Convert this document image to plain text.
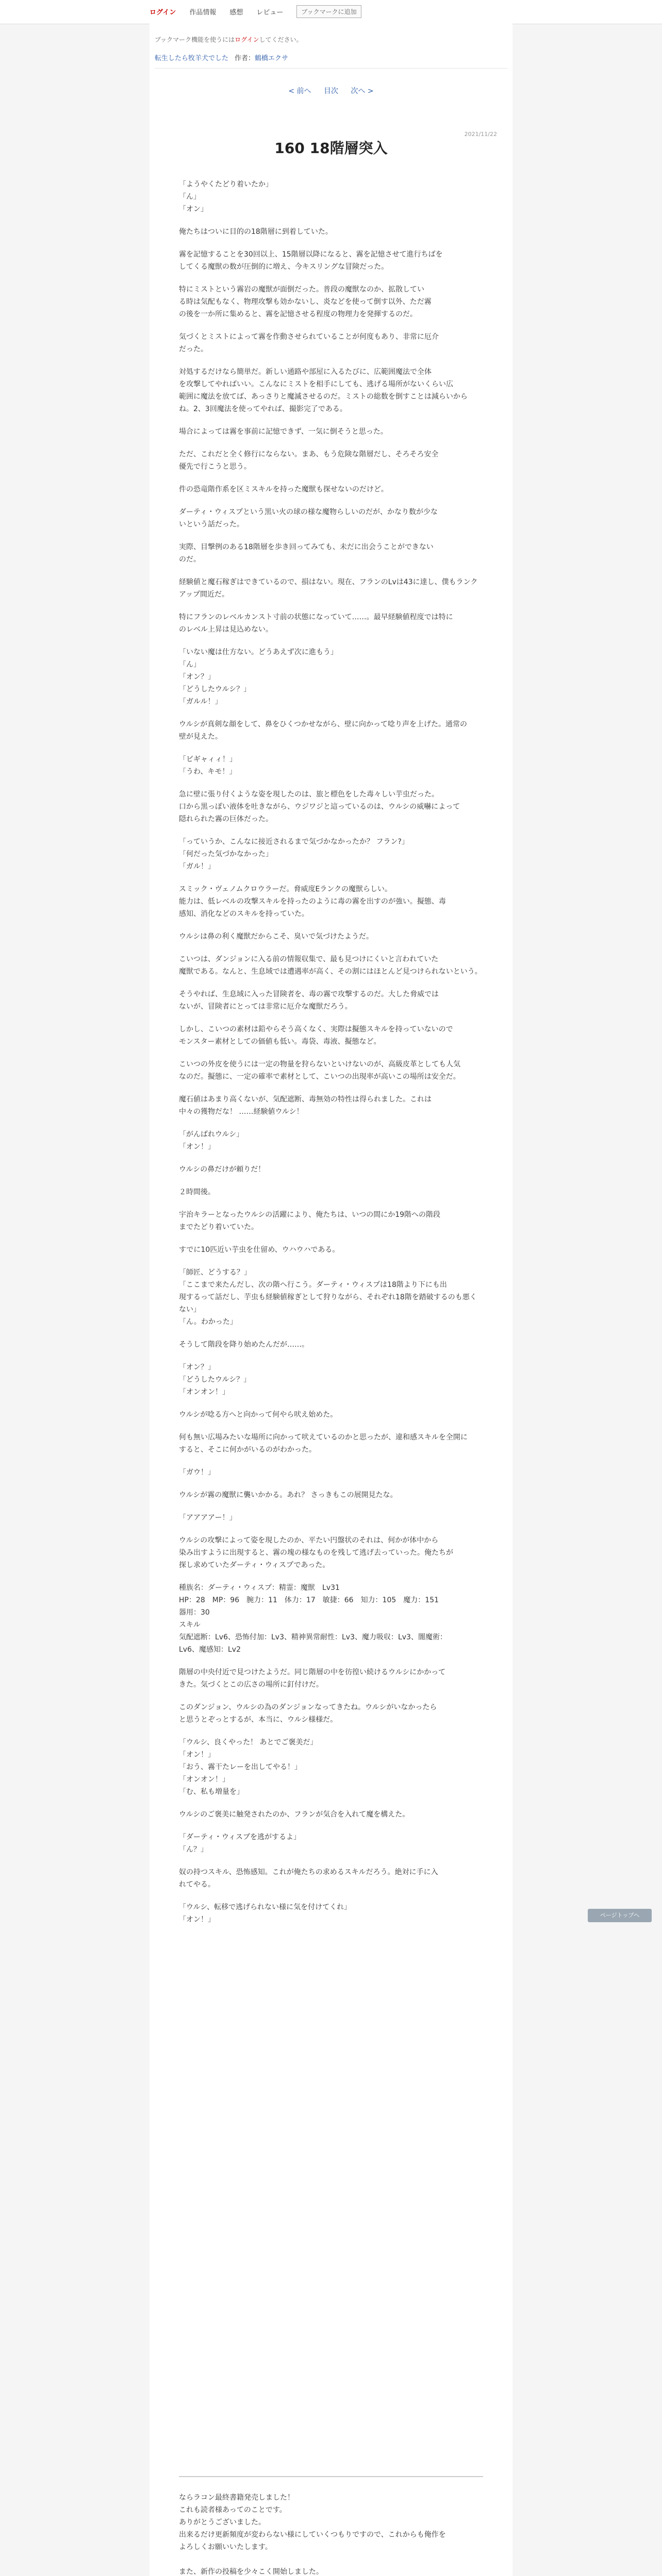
ログイン 作品情報 感想 レビュー	ブックマークに追加
ブックマーク機能を使うにはログインしてください。
転生したら牧羊犬でした 作者：鶴橋エクサ
< 前へ 目次 次へ >
2021/11/22
160 18階層突入

「ようやくたどり着いたか」
「ん」
「オン」

俺たちはついに目的の18階層に到着していた。

霧を記憶することを30回以上、15階層以降になると、霧を記憶させて進行ちばを
してくる魔獣の数が圧倒的に増え、今キスリングな冒険だった。

特にミストという霧岩の魔獣が面倒だった。普段の魔獣なのか、拡散してい
る時は気配もなく、物理攻撃も効かないし、炎などを使って倒す以外、ただ霧
の後を一か所に集めると、霧を記憶させる程度の物理力を発揮するのだ。

気づくとミストによって霧を作動させられていることが何度もあり、非常に厄介
だった。

対処するだけなら簡単だ。新しい通路や部屋に入るたびに、広範囲魔法で全体
を攻撃してやればいい。こんなにミストを相手にしても、逃げる場所がないくらい広
範囲に魔法を放てば、あっさりと魔滅させるのだ。ミストの総数を倒すことは減らいから
ね。2、3回魔法を使ってやれば、撮影完了である。

場合によっては霧を事前に記憶できず、一気に倒そうと思った。

ただ、これだと全く修行にならない。まあ、もう危険な階層だし、そろそろ安全
優先で行こうと思う。

件の恐竜階作系を区ミスキルを持った魔獣も探せないのだけど。

ダーティ・ウィスプという黒い火の球の様な魔物らしいのだが、かなり数が少な
いという話だった。

実際、目撃例のある18階層を歩き回ってみても、未だに出会うことができない
のだ。

経験値と魔石稼ぎはできているので、損はない。現在、フランのLvは43に達し、僕もランク
アップ間近だ。

特にフランのレベルカンスト寸前の状態になっていて……。最早経験値程度では特に
のレベル上昇は見込めない。

「いない魔は仕方ない。どうあえず次に進もう」
「ん」
「オン？」
「どうしたウルシ？」
「ガルル！」

ウルシが真剣な顔をして、鼻をひくつかせながら、壁に向かって唸り声を上げた。通常の
壁が見えた。

「ビギャィィ！」
「うわ、キモ！」

急に壁に張り付くような姿を現したのは、旅と標色をした毒々しい芋虫だった。
口から黒っぽい液体を吐きながら、ウジワジと這っているのは、ウルシの威嚇によって
隠れられた霧の巨体だった。

「っていうか、こんなに接近されるまで気づかなかったか？ フラン?」
「何だった気づかなかった」
「ガル！」

スミック・ヴェノムクロウラーだ。脅威度Eランクの魔獣らしい。
能力は、低レベルの攻撃スキルを持ったのように毒の霧を出すのが強い。擬態、毒
感知、消化などのスキルを持っていた。

ウルシは鼻の利く魔獣だからこそ、臭いで気づけたようだ。

こいつは、ダンジョンに入る前の情報収集で、最も見つけにくいと言われていた
魔獣である。なんと、生息域では遭遇率が高く、その割にはほとんど見つけられないという。

そうやれば、生息域に入った冒険者を、毒の霧で攻撃するのだ。大した脅威では
ないが、冒険者にとっては非常に厄介な魔獣だろう。

しかし、こいつの素材は鉛やらそう高くなく、実際は擬態スキルを持っていないので
モンスター素材としての価値も低い。毒袋、毒液、擬態など。

こいつの外皮を使うには一定の物量を狩らないといけないのが、高級皮革としても人気
なのだ。擬態に、一定の確率で素材として、こいつの出現率が高いこの場所は安全だ。

魔石値はあまり高くないが、気配遮断、毒無効の特性は得られました。これは
中々の獲物だな！ ……経験値ウルシ！

「がんばれウルシ」
「オン！」

ウルシの鼻だけが頼りだ！

２時間後。

宇治キラーとなったウルシの活躍により、俺たちは、いつの間にか19階への階段
までたどり着いていた。

すでに10匹近い芋虫を仕留め、ウハウハである。

「師匠、どうする？」
「ここまで来たんだし、次の階へ行こう。ダーティ・ウィスプは18階より下にも出
現するって話だし、芋虫も経験値稼ぎとして狩りながら、それぞれ18階を踏破するのも悪く
ない」
「ん。わかった」

そうして階段を降り始めたんだが……。

「オン？」
「どうしたウルシ？」
「オンオン！」

ウルシが唸る方へと向かって何やら吠え始めた。

何も無い広場みたいな場所に向かって吠えているのかと思ったが、違和感スキルを全開に
すると、そこに何かがいるのがわかった。

「ガウ！」

ウルシが霧の魔獣に襲いかかる。あれ？ さっきもこの展開見たな。

「アアアアー！」

ウルシの攻撃によって姿を現したのか、平たい円盤状のそれは、何かが体中から
染み出すように出現すると、霧の塊の様なものを残して逃げ去っていった。俺たちが
探し求めていたダーティ・ウィスプであった。

種族名：ダーティ・ウィスプ：精霊：魔獣　Lv31
HP：28　MP：96　腕力：11　体力：17　敏捷：66　知力：105　魔力：151　
器用：30
スキル
気配遮断：Lv6、恐怖付加：Lv3、精神異常耐性：Lv3、魔力吸収：Lv3、闇魔術：
Lv6、魔感知：Lv2

階層の中央付近で見つけたようだ。同じ階層の中を彷徨い続けるウルシにかかって
きた。気づくとこの広さの場所に釘付けだ。

このダンジョン、ウルシの為のダンジョンなってきたね。ウルシがいなかったら
と思うとぞっとするが、本当に、ウルシ様様だ。

「ウルシ、良くやった！ あとでご褒美だ」
「オン！」
「おう、霧干たレーを出してやる！」
「オンオン！」
「む、私も増量を」

ウルシのご褒美に触発されたのか、フランが気合を入れて魔を構えた。

「ダーティ・ウィスプを逃がするよ」
「ん？」

奴の持つスキル、恐怖感知。これが俺たちの求めるスキルだろう。絶対に手に入
れてやる。

「ウルシ、転移で逃げられない様に気を付けてくれ」
「オン！」

ならラコン最終書籍発売しました！
これも読者様あってのことです。
ありがとうございました。
出来るだけ更新頻度が変わらない様にしていくつもりですので、これからも俺作を
よろしくお願いいたします。

また、新作の投稿を少々こく開始しました。

ページトップへ
